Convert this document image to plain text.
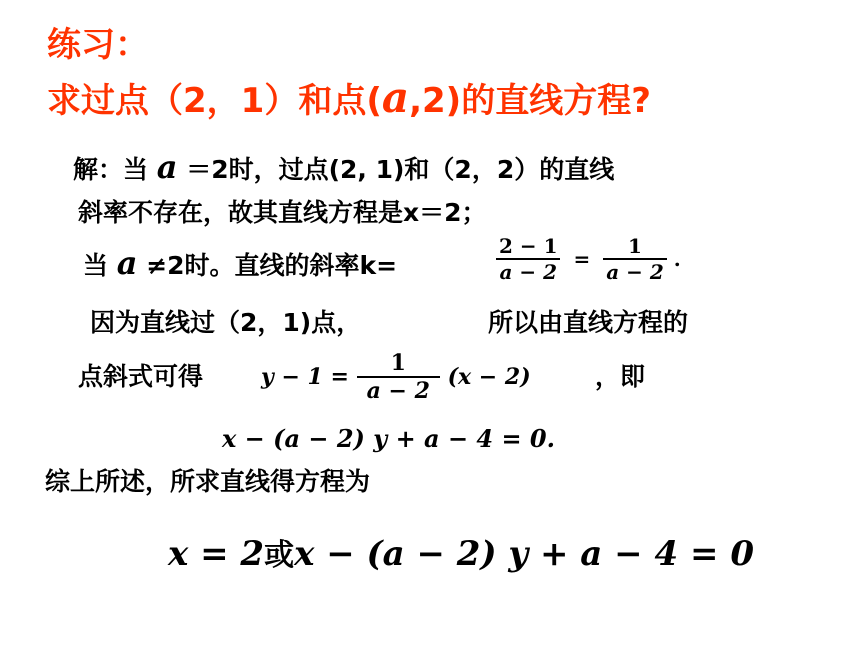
练习：
求过点（2，1）和点(a,2)的直线方程?
解：当 a ＝2时，过点(2, 1)和（2，2）的直线
斜率不存在，故其直线方程是x＝2；
当 a ≠2时。直线的斜率k=	$\frac{2 - 1}{a - 2} = \frac{1}{a - 2}$ .
因为直线过（2，1)点，	所以由直线方程的
点斜式可得	$y - 1 = \frac{1}{a - 2} (x - 2)$	，即
x − (a − 2) y + a − 4 = 0.
综上所述，所求直线得方程为
x = 2或x − (a − 2) y + a − 4 = 0
